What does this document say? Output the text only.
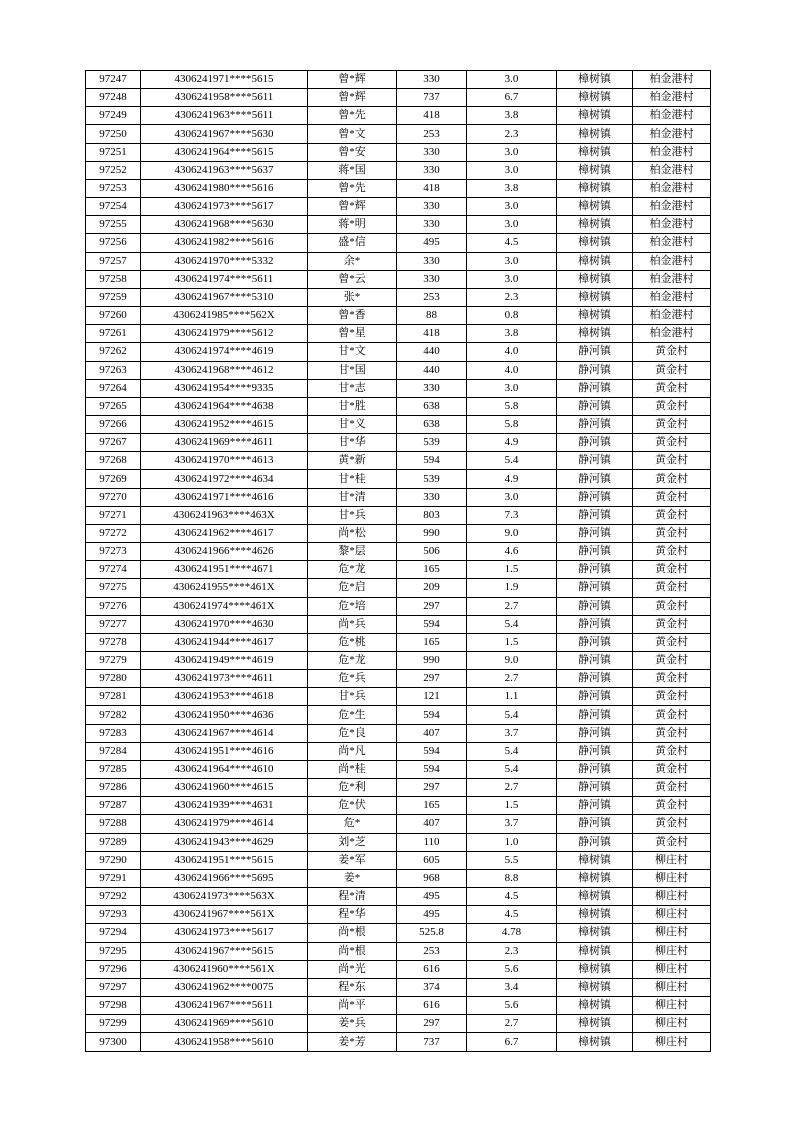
97247	4306241971****5615	曾*辉	330	3.0	樟树镇	柏金港村
97248	4306241958****5611	曾*辉	737	6.7	樟树镇	柏金港村
97249	4306241963****5611	曾*先	418	3.8	樟树镇	柏金港村
97250	4306241967****5630	曾*文	253	2.3	樟树镇	柏金港村
97251	4306241964****5615	曾*安	330	3.0	樟树镇	柏金港村
97252	4306241963****5637	蒋*国	330	3.0	樟树镇	柏金港村
97253	4306241980****5616	曾*先	418	3.8	樟树镇	柏金港村
97254	4306241973****5617	曾*辉	330	3.0	樟树镇	柏金港村
97255	4306241968****5630	蒋*明	330	3.0	樟树镇	柏金港村
97256	4306241982****5616	盛*信	495	4.5	樟树镇	柏金港村
97257	4306241970****5332	余*	330	3.0	樟树镇	柏金港村
97258	4306241974****5611	曾*云	330	3.0	樟树镇	柏金港村
97259	4306241967****5310	张*	253	2.3	樟树镇	柏金港村
97260	4306241985****562X	曾*香	88	0.8	樟树镇	柏金港村
97261	4306241979****5612	曾*星	418	3.8	樟树镇	柏金港村
97262	4306241974****4619	甘*文	440	4.0	静河镇	黄金村
97263	4306241968****4612	甘*国	440	4.0	静河镇	黄金村
97264	4306241954****9335	甘*志	330	3.0	静河镇	黄金村
97265	4306241964****4638	甘*胜	638	5.8	静河镇	黄金村
97266	4306241952****4615	甘*义	638	5.8	静河镇	黄金村
97267	4306241969****4611	甘*华	539	4.9	静河镇	黄金村
97268	4306241970****4613	黄*新	594	5.4	静河镇	黄金村
97269	4306241972****4634	甘*桂	539	4.9	静河镇	黄金村
97270	4306241971****4616	甘*清	330	3.0	静河镇	黄金村
97271	4306241963****463X	甘*兵	803	7.3	静河镇	黄金村
97272	4306241962****4617	尚*松	990	9.0	静河镇	黄金村
97273	4306241966****4626	黎*层	506	4.6	静河镇	黄金村
97274	4306241951****4671	危*龙	165	1.5	静河镇	黄金村
97275	4306241955****461X	危*启	209	1.9	静河镇	黄金村
97276	4306241974****461X	危*培	297	2.7	静河镇	黄金村
97277	4306241970****4630	尚*兵	594	5.4	静河镇	黄金村
97278	4306241944****4617	危*桃	165	1.5	静河镇	黄金村
97279	4306241949****4619	危*龙	990	9.0	静河镇	黄金村
97280	4306241973****4611	危*兵	297	2.7	静河镇	黄金村
97281	4306241953****4618	甘*兵	121	1.1	静河镇	黄金村
97282	4306241950****4636	危*生	594	5.4	静河镇	黄金村
97283	4306241967****4614	危*良	407	3.7	静河镇	黄金村
97284	4306241951****4616	尚*凡	594	5.4	静河镇	黄金村
97285	4306241964****4610	尚*桂	594	5.4	静河镇	黄金村
97286	4306241960****4615	危*利	297	2.7	静河镇	黄金村
97287	4306241939****4631	危*伏	165	1.5	静河镇	黄金村
97288	4306241979****4614	危*	407	3.7	静河镇	黄金村
97289	4306241943****4629	刘*芝	110	1.0	静河镇	黄金村
97290	4306241951****5615	姜*军	605	5.5	樟树镇	柳庄村
97291	4306241966****5695	姜*	968	8.8	樟树镇	柳庄村
97292	4306241973****563X	程*清	495	4.5	樟树镇	柳庄村
97293	4306241967****561X	程*华	495	4.5	樟树镇	柳庄村
97294	4306241973****5617	尚*根	525.8	4.78	樟树镇	柳庄村
97295	4306241967****5615	尚*根	253	2.3	樟树镇	柳庄村
97296	4306241960****561X	尚*光	616	5.6	樟树镇	柳庄村
97297	4306241962****0075	程*东	374	3.4	樟树镇	柳庄村
97298	4306241967****5611	尚*平	616	5.6	樟树镇	柳庄村
97299	4306241969****5610	姜*兵	297	2.7	樟树镇	柳庄村
97300	4306241958****5610	姜*芳	737	6.7	樟树镇	柳庄村
